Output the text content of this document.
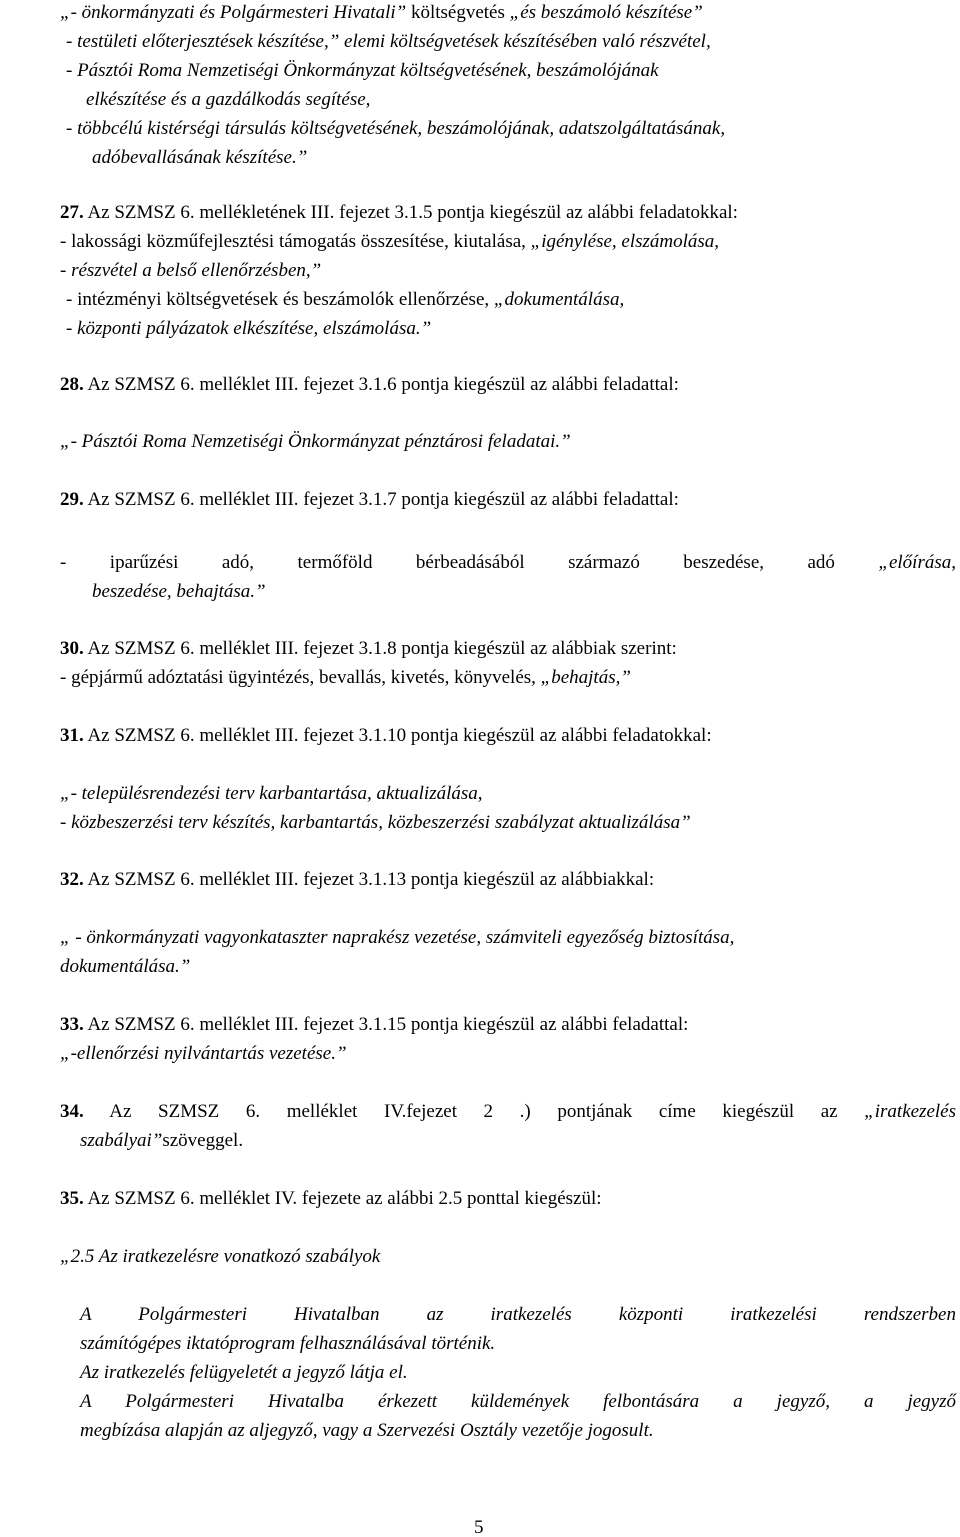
„- önkormányzati és Polgármesteri Hivatali” költségvetés „és beszámoló készítése”
- testületi előterjesztések készítése,” elemi költségvetések készítésében való részvétel,
- Pásztói Roma Nemzetiségi Önkormányzat költségvetésének, beszámolójának
elkészítése és a gazdálkodás segítése,
- többcélú kistérségi társulás költségvetésének, beszámolójának, adatszolgáltatásának,
adóbevallásának készítése.”
27. Az SZMSZ 6. mellékletének III. fejezet 3.1.5 pontja kiegészül az alábbi feladatokkal:
- lakossági közműfejlesztési támogatás összesítése, kiutalása, „igénylése, elszámolása,
- részvétel a belső ellenőrzésben,”
- intézményi költségvetések és beszámolók ellenőrzése, „dokumentálása,
- központi pályázatok elkészítése, elszámolása.”
28. Az SZMSZ 6. melléklet III. fejezet 3.1.6 pontja kiegészül az alábbi feladattal:
„- Pásztói Roma Nemzetiségi Önkormányzat pénztárosi feladatai.”
29. Az SZMSZ 6. melléklet III. fejezet 3.1.7 pontja kiegészül az alábbi feladattal:
- iparűzési adó, termőföld bérbeadásából származó beszedése, adó „előírása,
beszedése, behajtása.”
30. Az SZMSZ 6. melléklet III. fejezet 3.1.8 pontja kiegészül az alábbiak szerint:
- gépjármű adóztatási ügyintézés, bevallás, kivetés, könyvelés, „behajtás,”
31. Az SZMSZ 6. melléklet III. fejezet 3.1.10 pontja kiegészül az alábbi feladatokkal:
„- településrendezési terv karbantartása, aktualizálása,
- közbeszerzési terv készítés, karbantartás, közbeszerzési szabályzat aktualizálása”
32. Az SZMSZ 6. melléklet III. fejezet 3.1.13 pontja kiegészül az alábbiakkal:
„ - önkormányzati vagyonkataszter naprakész vezetése, számviteli egyezőség biztosítása,
dokumentálása.”
33. Az SZMSZ 6. melléklet III. fejezet 3.1.15 pontja kiegészül az alábbi feladattal:
„-ellenőrzési nyilvántartás vezetése.”
34. Az SZMSZ 6. melléklet IV.fejezet 2 .) pontjának címe kiegészül az „iratkezelés
szabályai”szöveggel.
35. Az SZMSZ 6. melléklet IV. fejezete az alábbi 2.5 ponttal kiegészül:
„2.5 Az iratkezelésre vonatkozó szabályok
A Polgármesteri Hivatalban az iratkezelés központi iratkezelési rendszerben
számítógépes iktatóprogram felhasználásával történik.
Az iratkezelés felügyeletét a jegyző látja el.
A Polgármesteri Hivatalba érkezett küldemények felbontására a jegyző, a jegyző
megbízása alapján az aljegyző, vagy a Szervezési Osztály vezetője jogosult.
5
